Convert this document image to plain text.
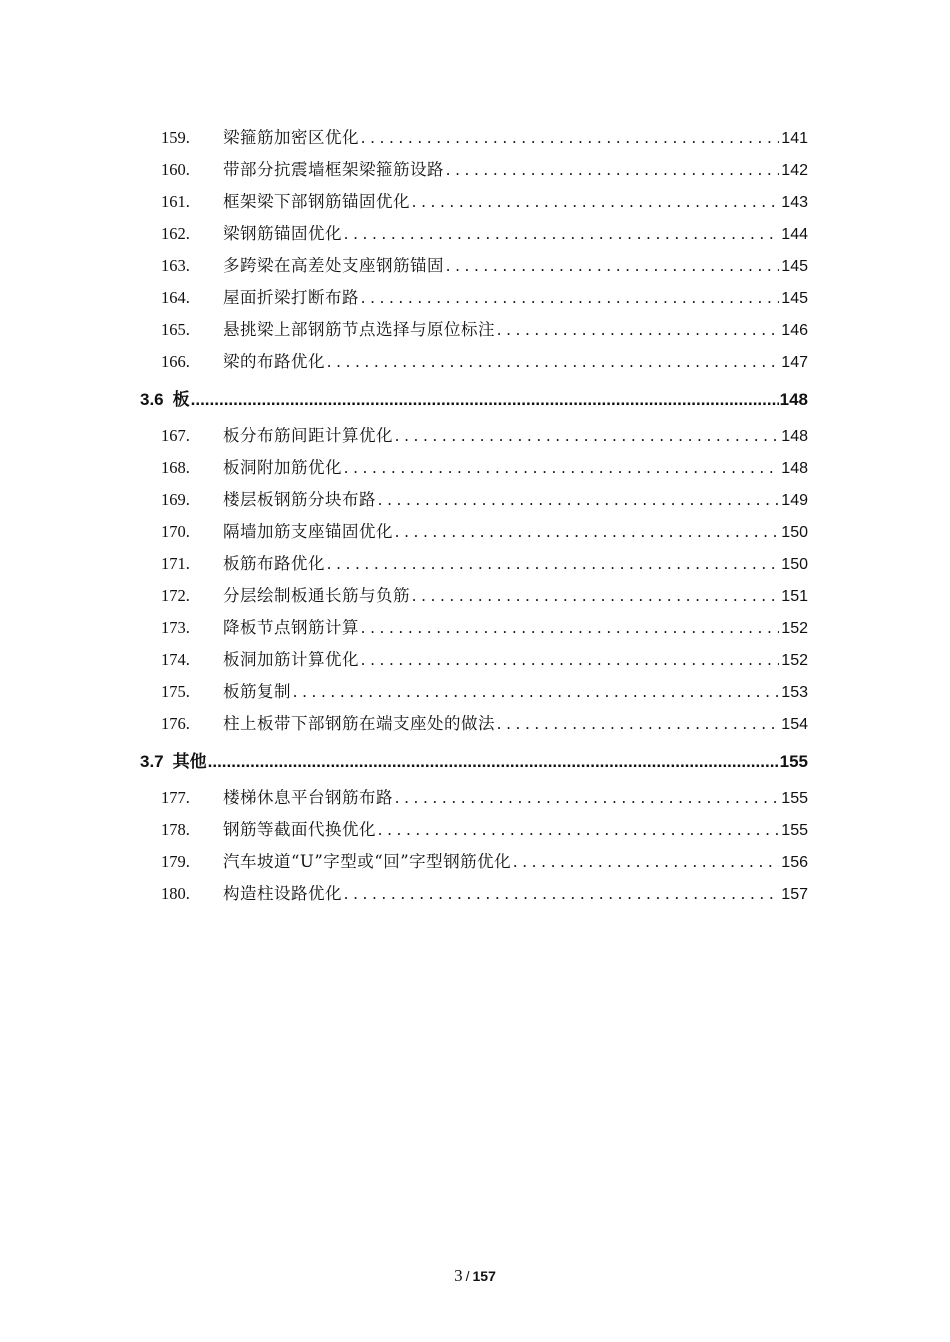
159.	梁箍筋加密区优化 . . .	141
160.	带部分抗震墙框架梁箍筋设路 . . .	142
161.	框架梁下部钢筋锚固优化 . . .	143
162.	梁钢筋锚固优化 . . .	144
163.	多跨梁在高差处支座钢筋锚固 . . .	145
164.	屋面折梁打断布路 . . .	145
165.	悬挑梁上部钢筋节点选择与原位标注 . . .	146
166.	梁的布路优化 . . .	147
3.6 板 .....	148
167.	板分布筋间距计算优化 . . .	148
168.	板洞附加筋优化 . . .	148
169.	楼层板钢筋分块布路 . . .	149
170.	隔墙加筋支座锚固优化 . . .	150
171.	板筋布路优化 . . .	150
172.	分层绘制板通长筋与负筋 . . .	151
173.	降板节点钢筋计算 . . .	152
174.	板洞加筋计算优化 . . .	152
175.	板筋复制 . . .	153
176.	柱上板带下部钢筋在端支座处的做法 . . .	154
3.7 其他 .....	155
177.	楼梯休息平台钢筋布路 . . .	155
178.	钢筋等截面代换优化 . . .	155
179.	汽车坡道“U”字型或“回”字型钢筋优化 . . .	156
180.	构造柱设路优化 . . .	157
3 / 157
